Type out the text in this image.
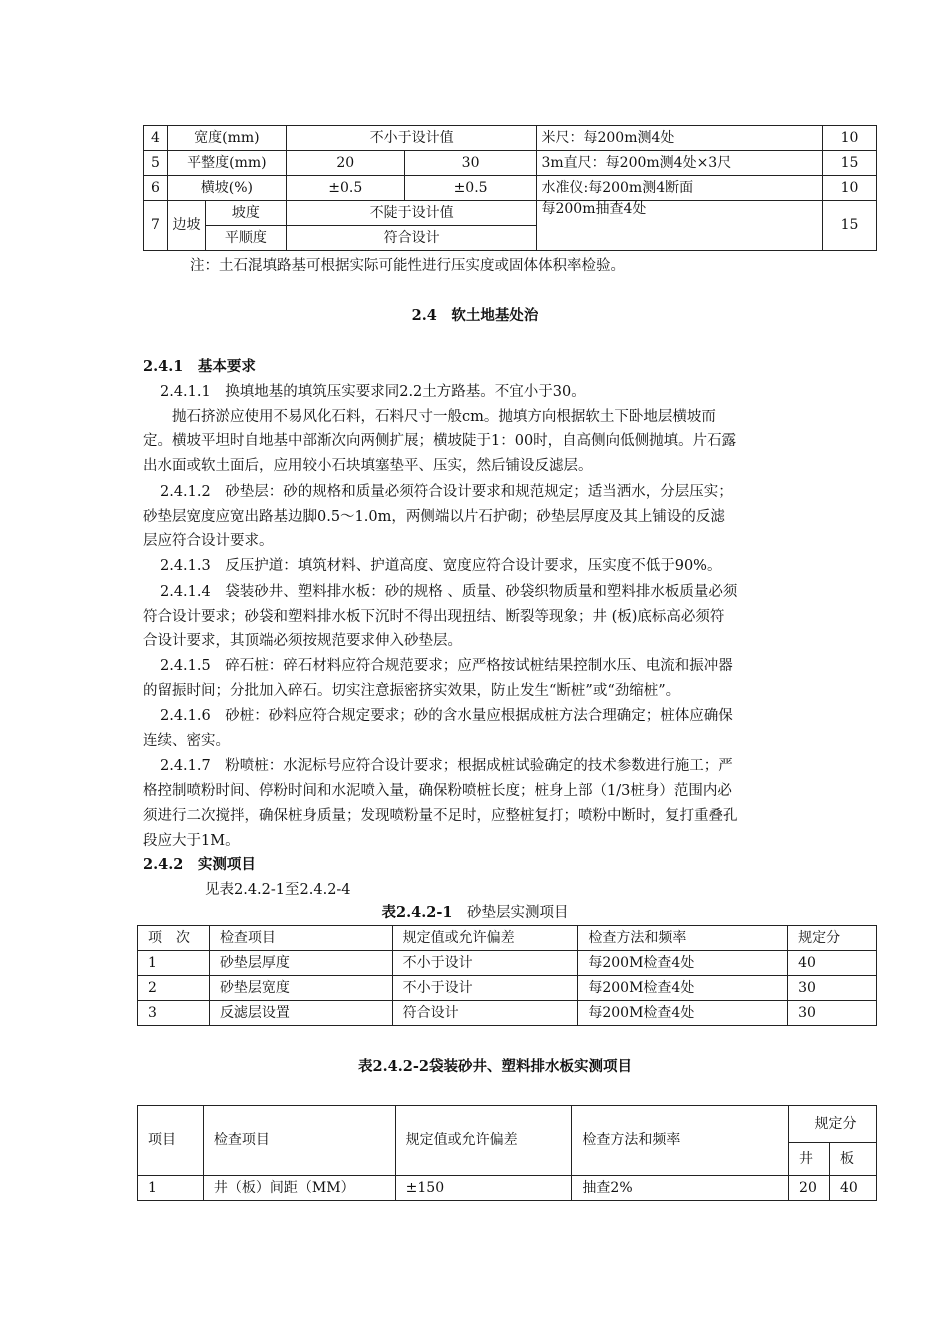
4	宽度(mm)		不小于设计值		米尺：每200m测4处	10
5	平整度(mm)		20	30	3m直尺：每200m测4处×3尺	15
6	横坡(%)		±0.5	±0.5	水准仪:每200m测4断面	10
7	边坡	坡度	不陡于设计值		每200m抽查4处	15
		平顺度	符合设计			

注：土石混填路基可根据实际可能性进行压实度或固体体积率检验。

2.4　软土地基处治

2.4.1　基本要求

2.4.1.1　换填地基的填筑压实要求同2.2土方路基。不宜小于30。

抛石挤淤应使用不易风化石料，石料尺寸一般cm。抛填方向根据软土下卧地层横坡而

定。横坡平坦时自地基中部渐次向两侧扩展；横坡陡于1：00时，自高侧向低侧抛填。片石露

出水面或软土面后，应用较小石块填塞垫平、压实，然后铺设反滤层。

2.4.1.2　砂垫层：砂的规格和质量必须符合设计要求和规范规定；适当洒水，分层压实；

砂垫层宽度应宽出路基边脚0.5～1.0m，两侧端以片石护砌；砂垫层厚度及其上铺设的反滤

层应符合设计要求。

2.4.1.3　反压护道：填筑材料、护道高度、宽度应符合设计要求，压实度不低于90%。

2.4.1.4　袋装砂井、塑料排水板：砂的规格 、质量、砂袋织物质量和塑料排水板质量必须

符合设计要求；砂袋和塑料排水板下沉时不得出现扭结、断裂等现象；井 (板)底标高必须符

合设计要求，其顶端必须按规范要求伸入砂垫层。

2.4.1.5　碎石桩：碎石材料应符合规范要求；应严格按试桩结果控制水压、电流和振冲器

的留振时间；分批加入碎石。切实注意振密挤实效果，防止发生“断桩”或“劲缩桩”。

2.4.1.6　砂桩：砂料应符合规定要求；砂的含水量应根据成桩方法合理确定；桩体应确保

连续、密实。

2.4.1.7　粉喷桩：水泥标号应符合设计要求；根据成桩试验确定的技术参数进行施工；严

格控制喷粉时间、停粉时间和水泥喷入量，确保粉喷桩长度；桩身上部（1/3桩身）范围内必

须进行二次搅拌，确保桩身质量；发现喷粉量不足时，应整桩复打；喷粉中断时，复打重叠孔

段应大于1M。

2.4.2　实测项目

见表2.4.2-1至2.4.2-4

表2.4.2-1　砂垫层实测项目

项　次	检查项目	规定值或允许偏差	检查方法和频率	规定分
1	砂垫层厚度	不小于设计	每200M检查4处	40
2	砂垫层宽度	不小于设计	每200M检查4处	30
3	反滤层设置	符合设计	每200M检查4处	30

表2.4.2-2袋装砂井、塑料排水板实测项目

项目	检查项目	规定值或允许偏差	检查方法和频率	规定分	
				井	板
1	井（板）间距（MM）	±150	抽查2%	20	40
